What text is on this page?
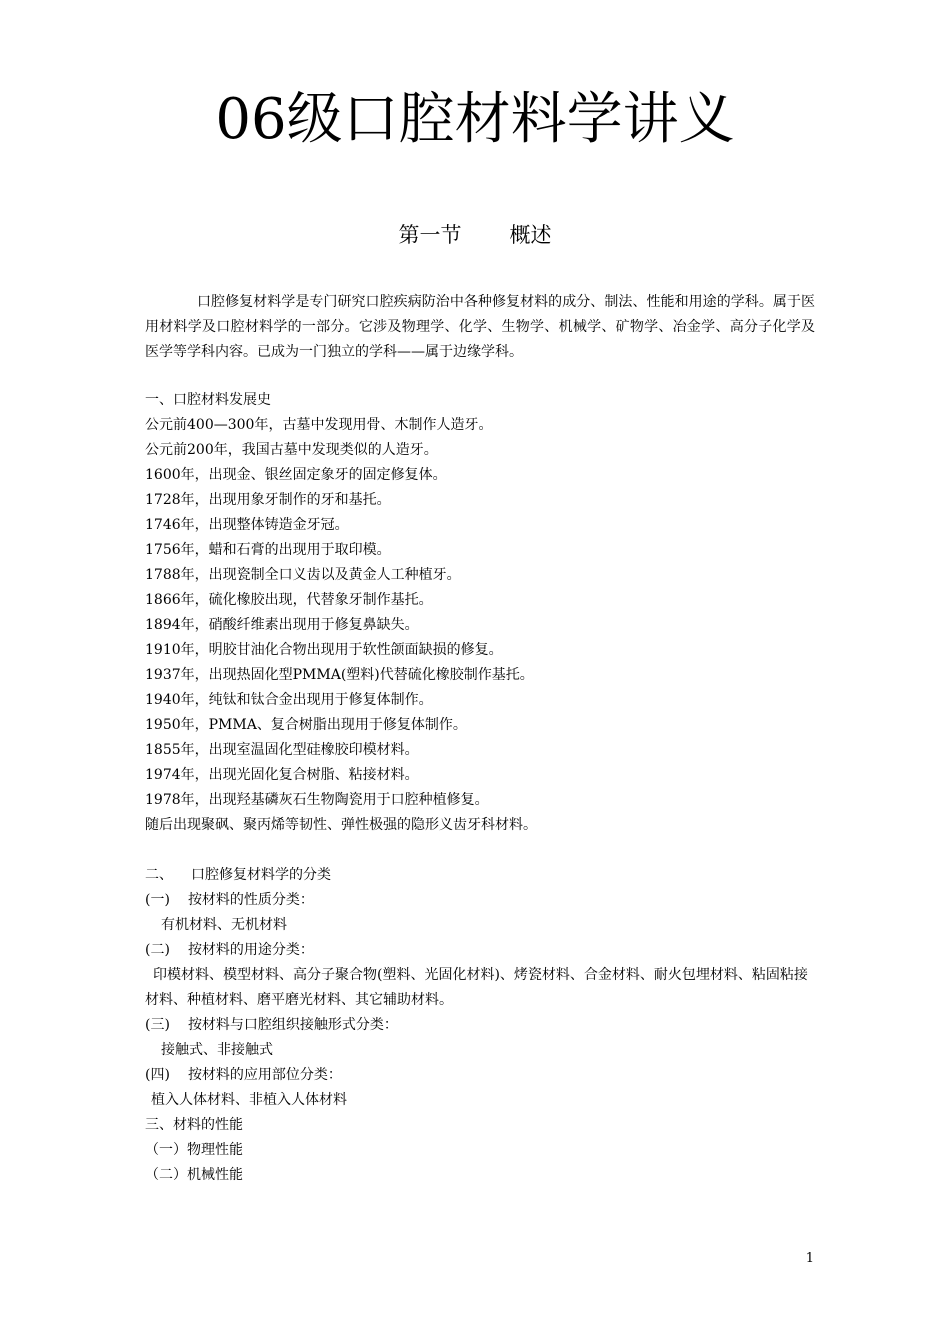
06级口腔材料学讲义
第一节 概述
口腔修复材料学是专门研究口腔疾病防治中各种修复材料的成分、制法、性能和用途的学科。属于医用材料学及口腔材料学的一部分。它涉及物理学、化学、生物学、机械学、矿物学、冶金学、高分子化学及医学等学科内容。已成为一门独立的学科——属于边缘学科。
一、口腔材料发展史
公元前400—300年，古墓中发现用骨、木制作人造牙。
公元前200年，我国古墓中发现类似的人造牙。
1600年，出现金、银丝固定象牙的固定修复体。
1728年，出现用象牙制作的牙和基托。
1746年，出现整体铸造金牙冠。
1756年，蜡和石膏的出现用于取印模。
1788年，出现瓷制全口义齿以及黄金人工种植牙。
1866年，硫化橡胶出现，代替象牙制作基托。
1894年，硝酸纤维素出现用于修复鼻缺失。
1910年，明胶甘油化合物出现用于软性颌面缺损的修复。
1937年，出现热固化型PMMA(塑料)代替硫化橡胶制作基托。
1940年，纯钛和钛合金出现用于修复体制作。
1950年，PMMA、复合树脂出现用于修复体制作。
1855年，出现室温固化型硅橡胶印模材料。
1974年，出现光固化复合树脂、粘接材料。
1978年，出现羟基磷灰石生物陶瓷用于口腔种植修复。
随后出现聚砜、聚丙烯等韧性、弹性极强的隐形义齿牙科材料。
二、 口腔修复材料学的分类
(一) 按材料的性质分类：
有机材料、无机材料
(二) 按材料的用途分类：
印模材料、模型材料、高分子聚合物(塑料、光固化材料)、烤瓷材料、合金材料、耐火包埋材料、粘固粘接材料、种植材料、磨平磨光材料、其它辅助材料。
(三) 按材料与口腔组织接触形式分类：
接触式、非接触式
(四) 按材料的应用部位分类：
植入人体材料、非植入人体材料
三、材料的性能
（一）物理性能
（二）机械性能
1
